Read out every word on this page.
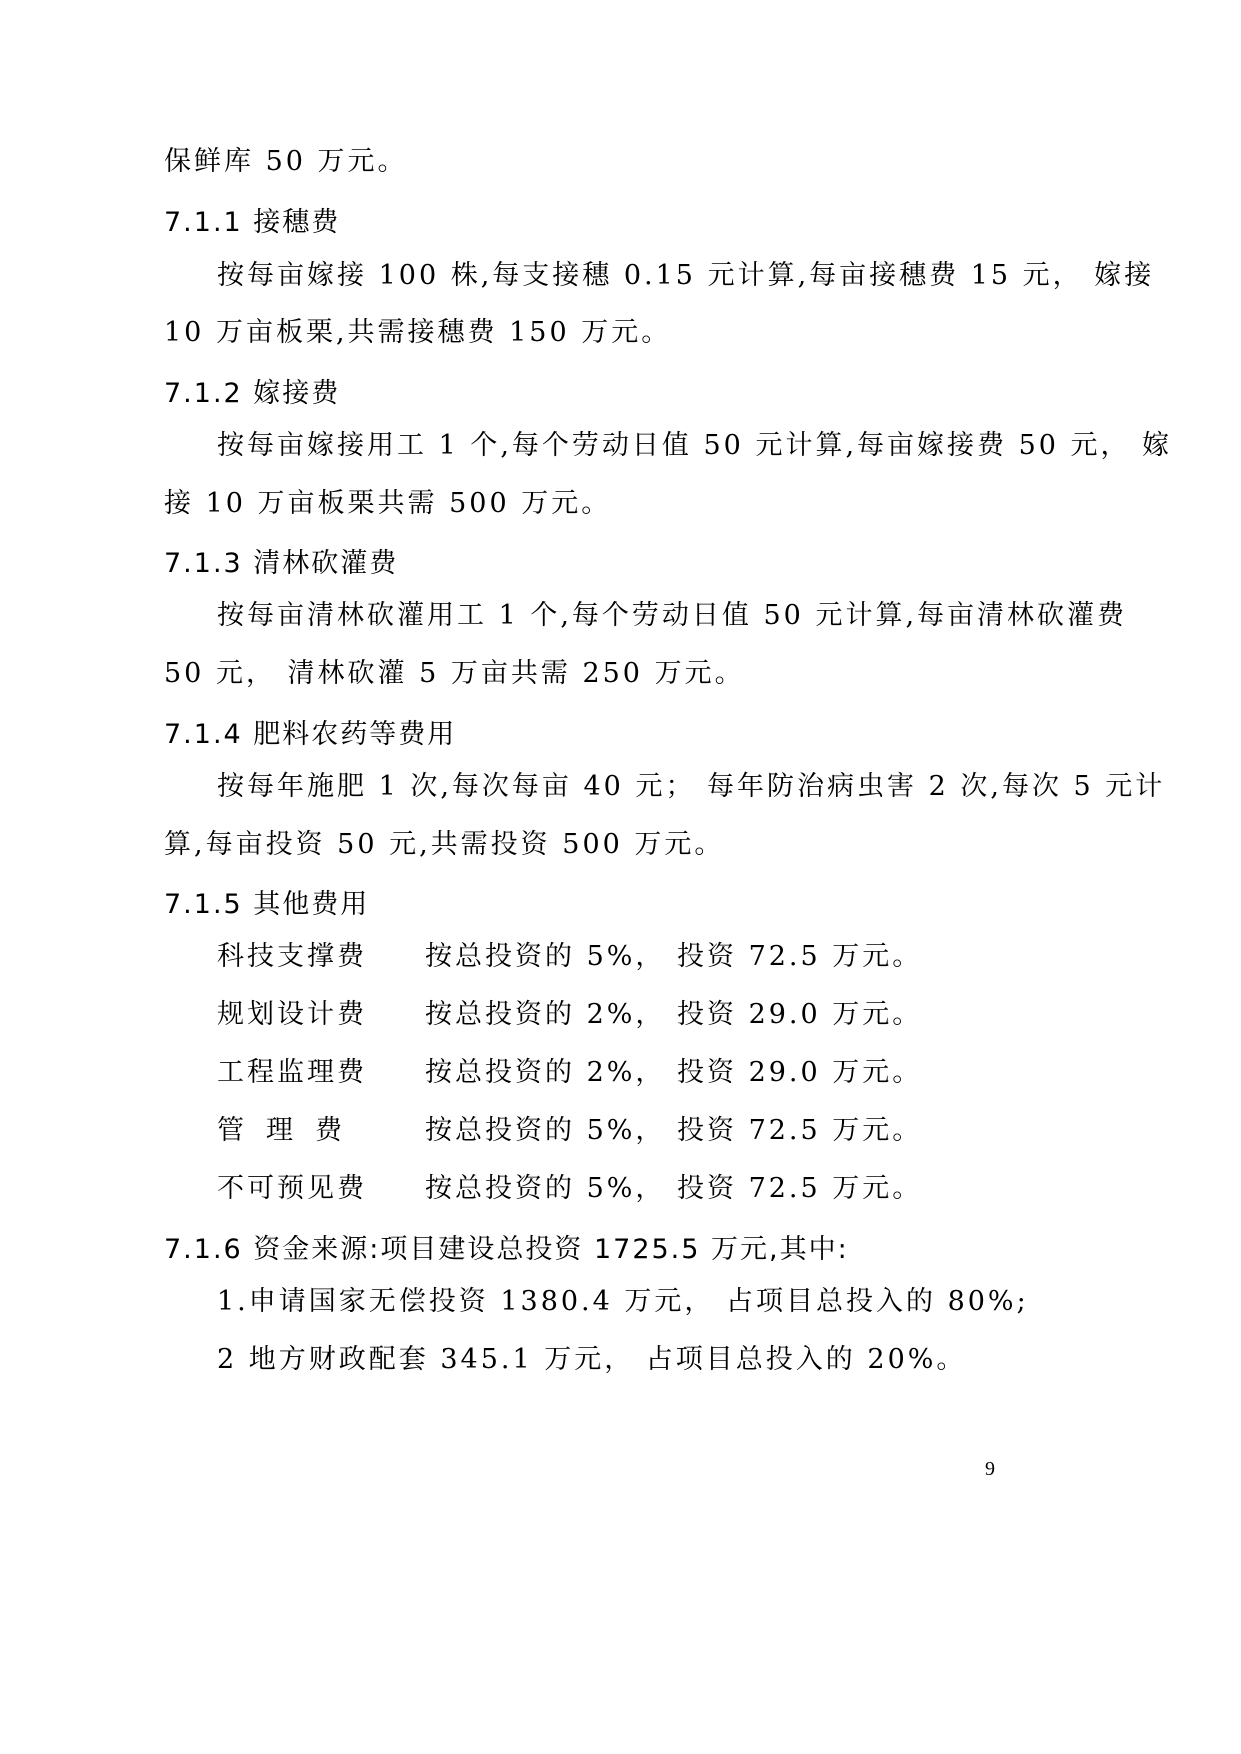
保鲜库 50 万元。
7.1.1 接穗费
按每亩嫁接 100 株,每支接穗 0.15 元计算,每亩接穗费 15 元， 嫁接
10 万亩板栗,共需接穗费 150 万元。
7.1.2 嫁接费
按每亩嫁接用工 1 个,每个劳动日值 50 元计算,每亩嫁接费 50 元， 嫁
接 10 万亩板栗共需 500 万元。
7.1.3 清林砍灌费
按每亩清林砍灌用工 1 个,每个劳动日值 50 元计算,每亩清林砍灌费
50 元， 清林砍灌 5 万亩共需 250 万元。
7.1.4 肥料农药等费用
按每年施肥 1 次,每次每亩 40 元； 每年防治病虫害 2 次,每次 5 元计
算,每亩投资 50 元,共需投资 500 万元。
7.1.5 其他费用
科技支撑费 按总投资的 5%， 投资 72.5 万元。
规划设计费 按总投资的 2%， 投资 29.0 万元。
工程监理费 按总投资的 2%， 投资 29.0 万元。
管理费 按总投资的 5%， 投资 72.5 万元。
不可预见费 按总投资的 5%， 投资 72.5 万元。
7.1.6 资金来源:项目建设总投资 1725.5 万元,其中:
1.申请国家无偿投资 1380.4 万元， 占项目总投入的 80%;
2 地方财政配套 345.1 万元， 占项目总投入的 20%。
9
